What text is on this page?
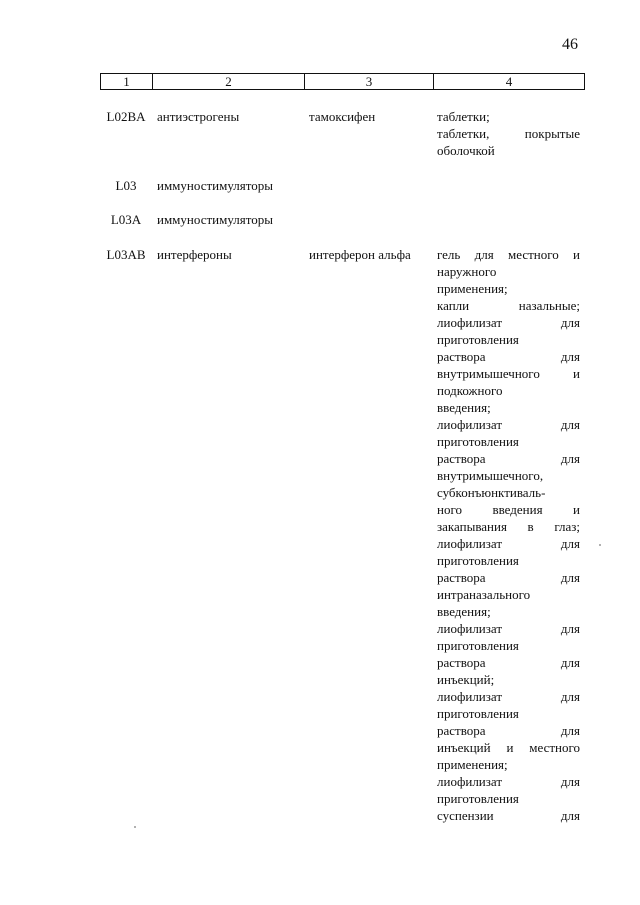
46
1	2	3	4
L02BA антиэстрогены	тамоксифен	таблетки;
таблетки, покрытые
оболочкой
L03	иммуностимуляторы
L03A	иммуностимуляторы
L03AB интерфероны	интерферон альфа	гель для местного и
наружного
применения;
капли назальные;
лиофилизат для
приготовления
раствора для
внутримышечного и
подкожного
введения;
лиофилизат для
приготовления
раствора для
внутримышечного,
субконъюнктиваль-
ного введения и
закапывания в глаз;
лиофилизат для
приготовления
раствора для
интраназального
введения;
лиофилизат для
приготовления
раствора для
инъекций;
лиофилизат для
приготовления
раствора для
инъекций и местного
применения;
лиофилизат для
приготовления
суспензии для
